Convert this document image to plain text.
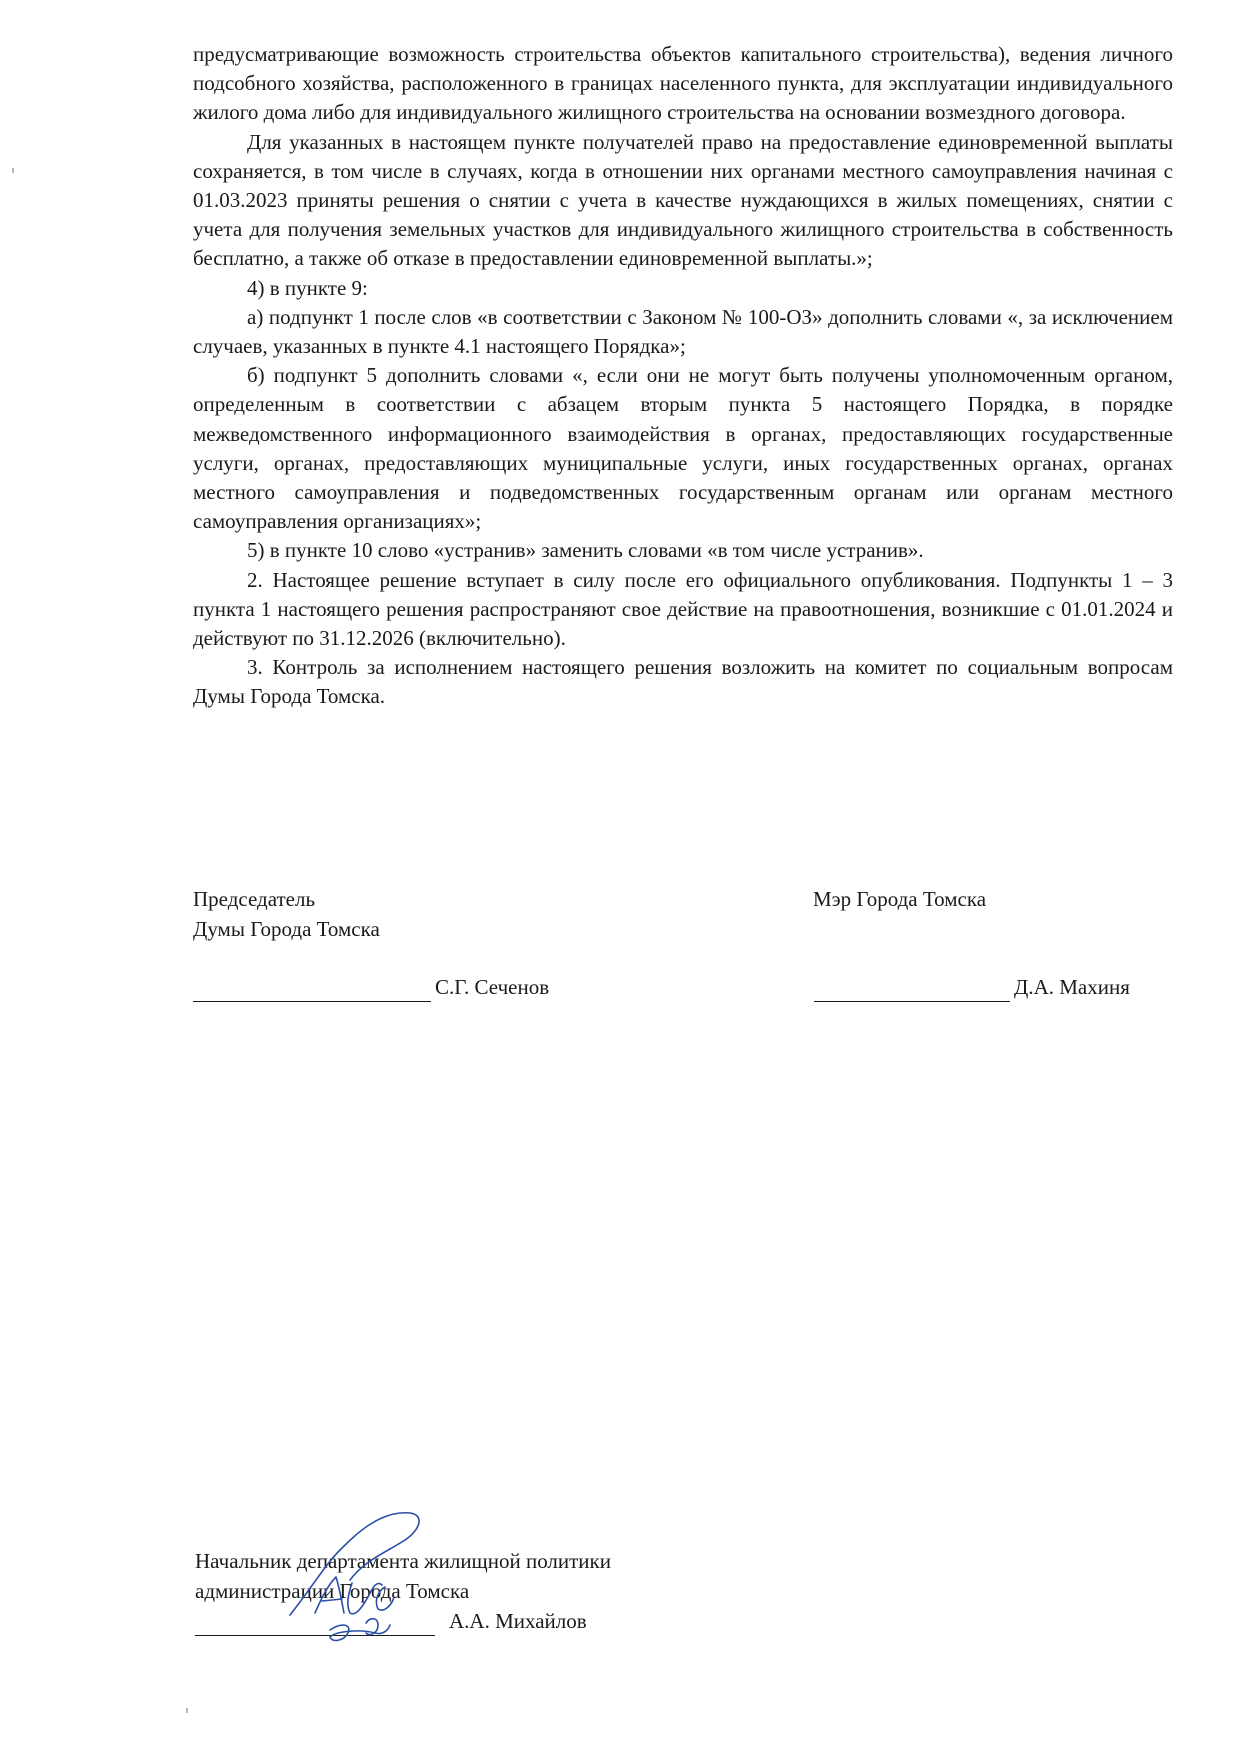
предусматривающие возможность строительства объектов капитального строительства), ведения личного подсобного хозяйства, расположенного в границах населенного пункта, для эксплуатации индивидуального жилого дома либо для индивидуального жилищного строительства на основании возмездного договора.

Для указанных в настоящем пункте получателей право на предоставление единовременной выплаты сохраняется, в том числе в случаях, когда в отношении них органами местного самоуправления начиная с 01.03.2023 приняты решения о снятии с учета в качестве нуждающихся в жилых помещениях, снятии с учета для получения земельных участков для индивидуального жилищного строительства в собственность бесплатно, а также об отказе в предоставлении единовременной выплаты.»;

4) в пункте 9:

а) подпункт 1 после слов «в соответствии с Законом № 100-ОЗ» дополнить словами «, за исключением случаев, указанных в пункте 4.1 настоящего Порядка»;

б) подпункт 5 дополнить словами «, если они не могут быть получены уполномоченным органом, определенным в соответствии с абзацем вторым пункта 5 настоящего Порядка, в порядке межведомственного информационного взаимодействия в органах, предоставляющих государственные услуги, органах, предоставляющих муниципальные услуги, иных государственных органах, органах местного самоуправления и подведомственных государственным органам или органам местного самоуправления организациях»;

5) в пункте 10 слово «устранив» заменить словами «в том числе устранив».

2. Настоящее решение вступает в силу после его официального опубликования. Подпункты 1 – 3 пункта 1 настоящего решения распространяют свое действие на правоотношения, возникшие с 01.01.2024 и действуют по 31.12.2026 (включительно).

3. Контроль за исполнением настоящего решения возложить на комитет по социальным вопросам Думы Города Томска.

Председатель
Думы Города Томска
Мэр Города Томска
С.Г. Сеченов	Д.А. Махиня
Начальник департамента жилищной политики
администрации Города Томска
А.А. Михайлов
